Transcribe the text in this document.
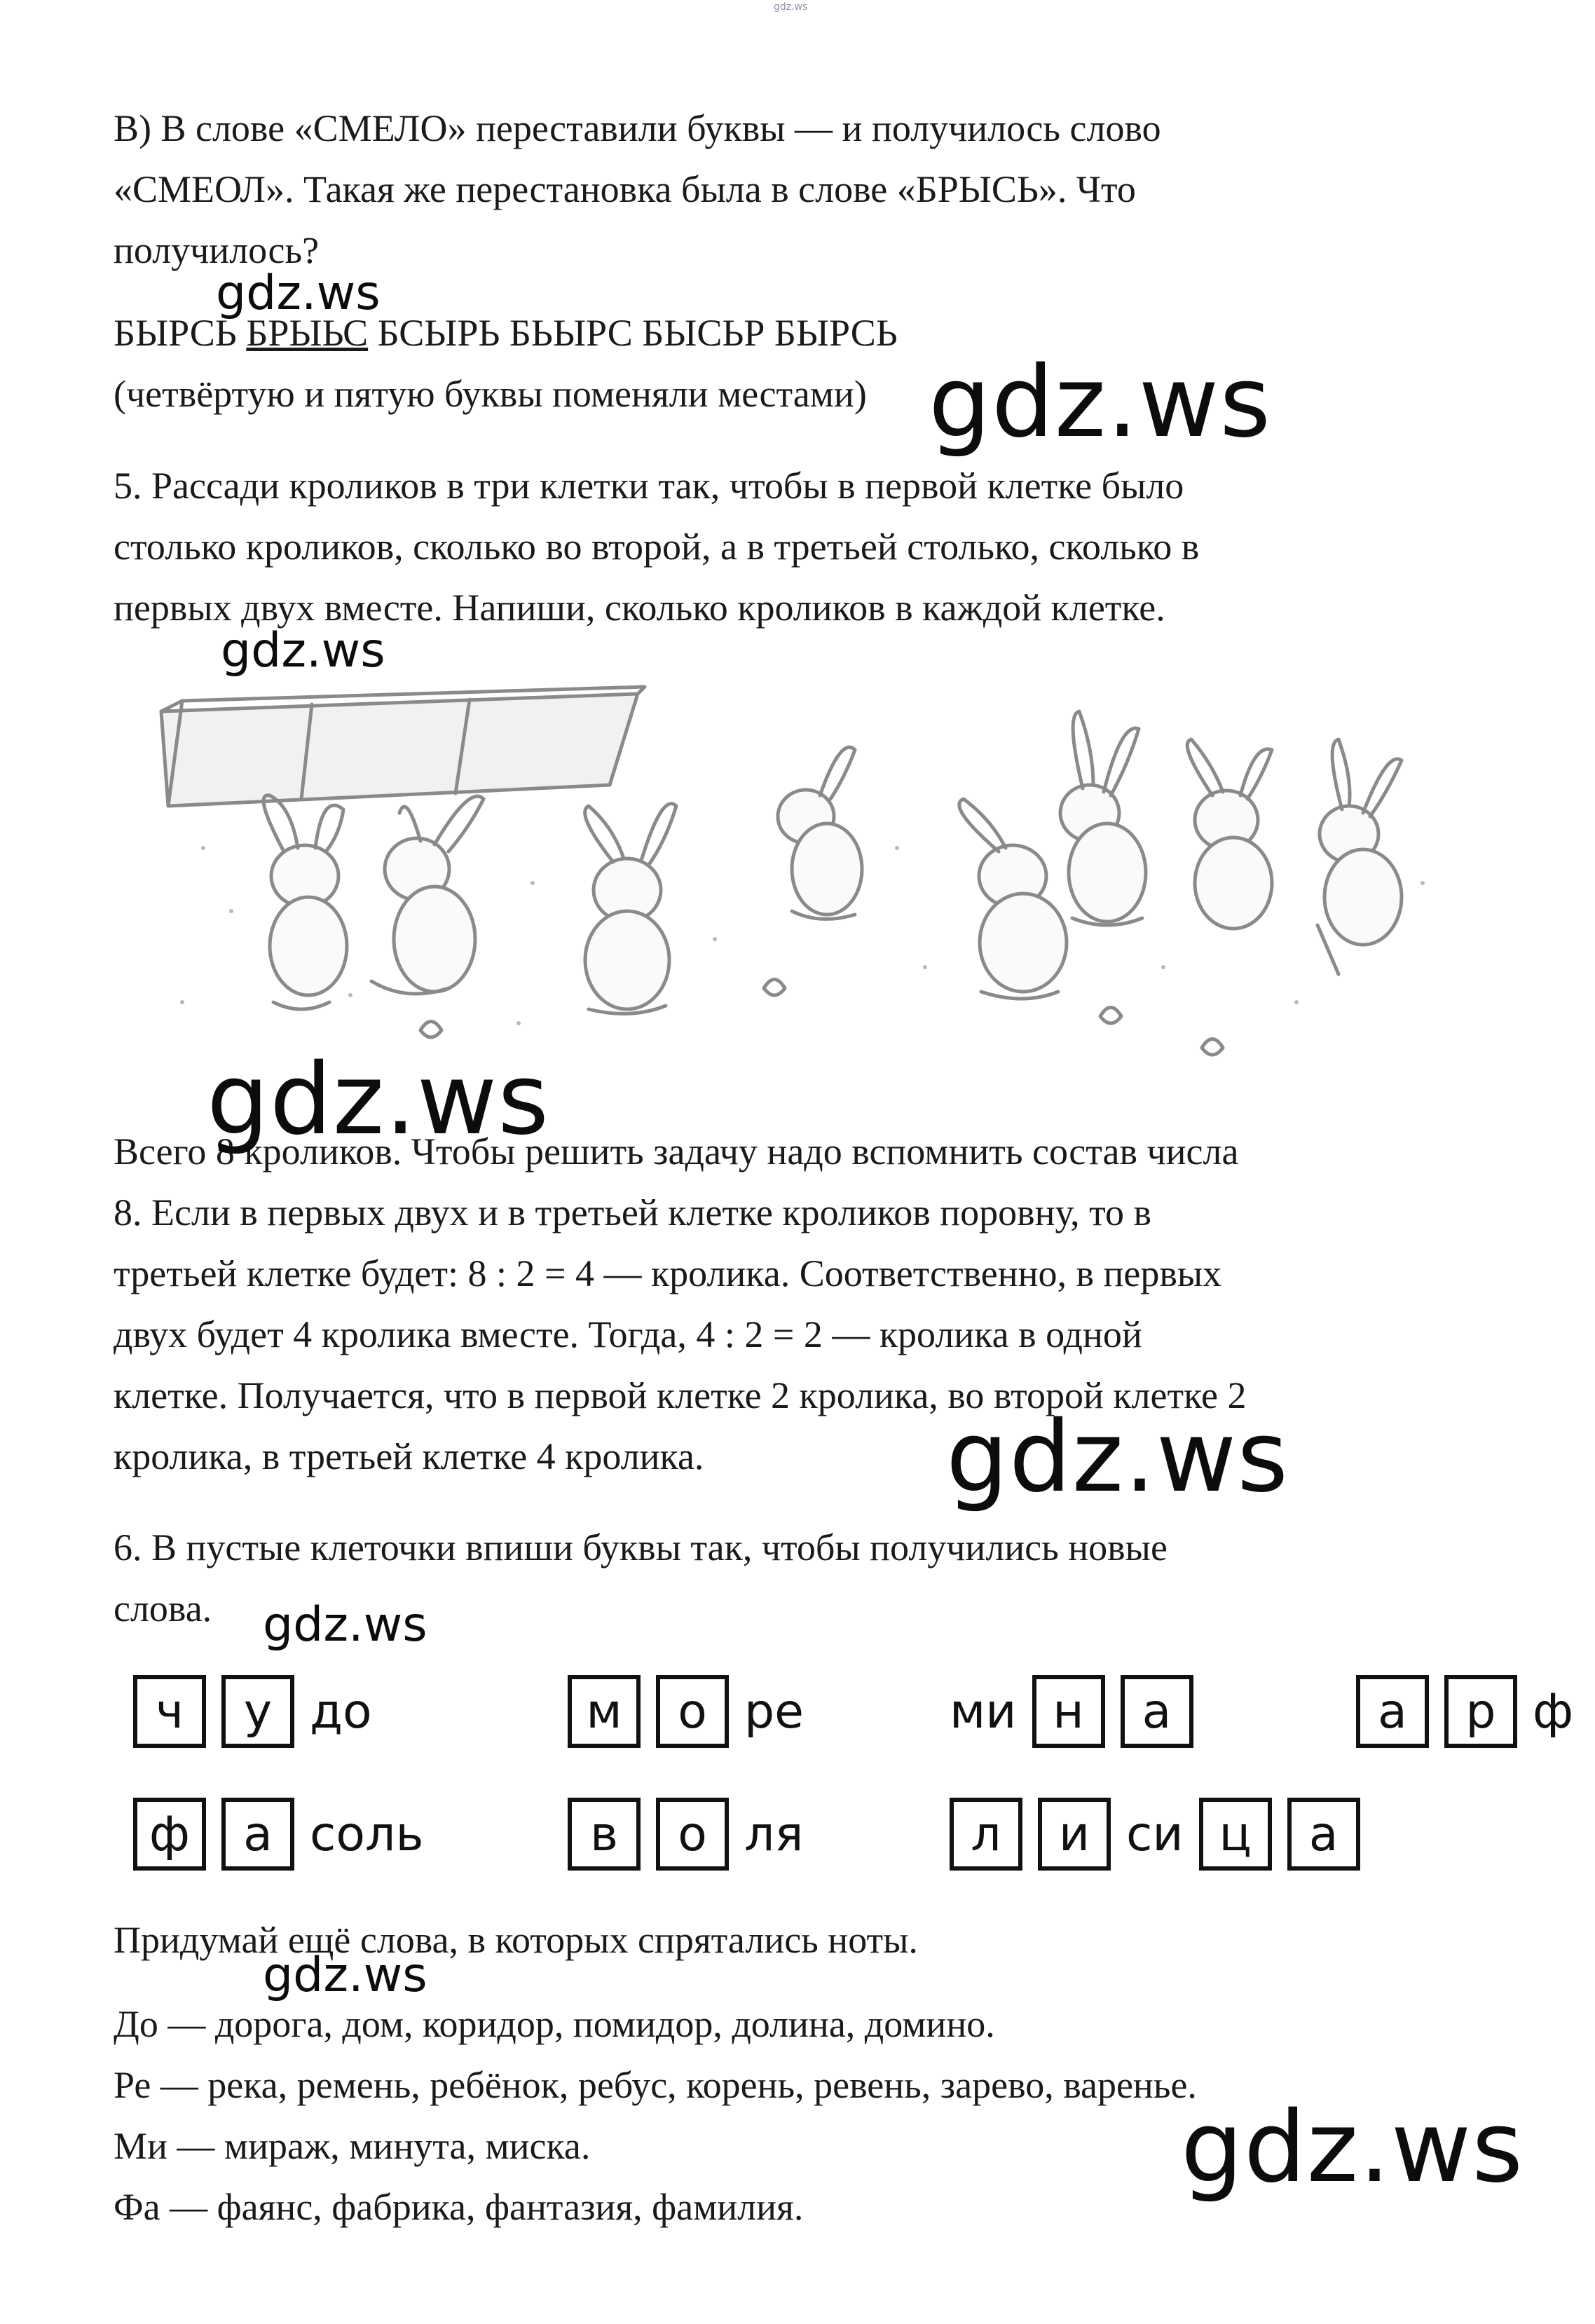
gdz.ws

В) В слове «СМЕЛО» переставили буквы — и получилось слово

«СМЕОЛ». Такая же перестановка была в слове «БРЫСЬ». Что

получилось?

БЫРСЬ БРЫЬС БСЫРЬ БЬЫРС БЫСЬР БЫРСЬ

(четвёртую и пятую буквы поменяли местами)

5. Рассади кроликов в три клетки так, чтобы в первой клетке было

столько кроликов, сколько во второй, а в третьей столько, сколько в

первых двух вместе. Напиши, сколько кроликов в каждой клетке.

Всего 8 кроликов. Чтобы решить задачу надо вспомнить состав числа

8. Если в первых двух и в третьей клетке кроликов поровну, то в

третьей клетке будет: 8 : 2 = 4 — кролика. Соответственно, в первых

двух будет 4 кролика вместе. Тогда, 4 : 2 = 2 — кролика в одной

клетке. Получается, что в первой клетке 2 кролика, во второй клетке 2

кролика, в третьей клетке 4 кролика.

6. В пустые клеточки впиши буквы так, чтобы получились новые

слова.

ч	у до	м	о ре	ми н	а	а	р ф
ф	а соль	в	о ля	л	и си ц	а

Придумай ещё слова, в которых спрятались ноты.

До — дорога, дом, коридор, помидор, долина, домино.

Ре — река, ремень, ребёнок, ребус, корень, ревень, зарево, варенье.

Ми — мираж, минута, миска.

Фа — фаянс, фабрика, фантазия, фамилия.

gdz.ws
gdz.ws
gdz.ws
gdz.ws
gdz.ws
gdz.ws
gdz.ws
gdz.ws
